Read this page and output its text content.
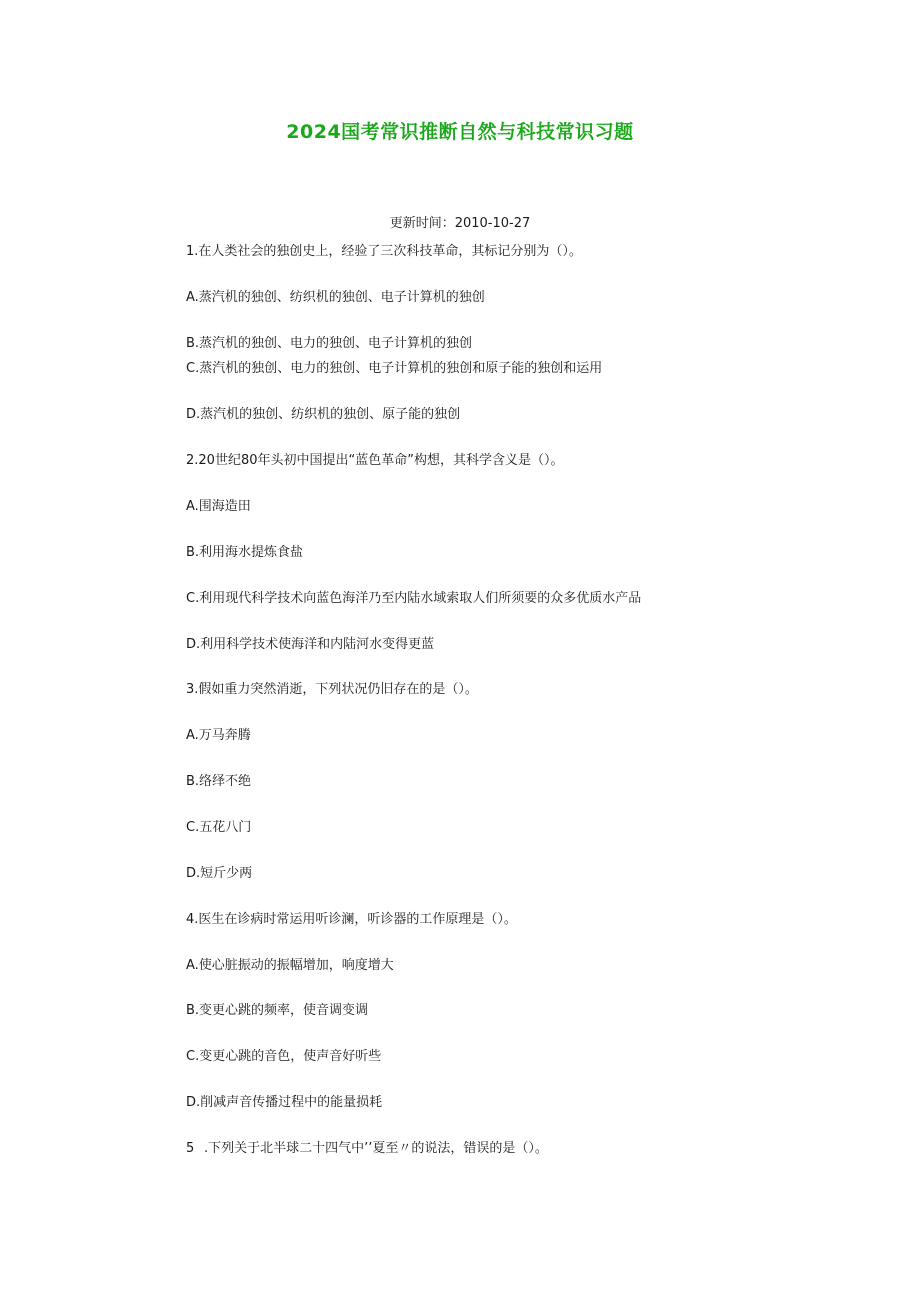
2024国考常识推断自然与科技常识习题
更新时间：2010-10-27
1.在人类社会的独创史上，经验了三次科技革命，其标记分别为（）。
A.蒸汽机的独创、纺织机的独创、电子计算机的独创
B.蒸汽机的独创、电力的独创、电子计算机的独创
C.蒸汽机的独创、电力的独创、电子计算机的独创和原子能的独创和运用
D.蒸汽机的独创、纺织机的独创、原子能的独创
2.20世纪80年头初中国提出“蓝色革命”构想，其科学含义是（）。
A.围海造田
B.利用海水提炼食盐
C.利用现代科学技术向蓝色海洋乃至内陆水域索取人们所须要的众多优质水产品
D.利用科学技术使海洋和内陆河水变得更蓝
3.假如重力突然消逝，下列状况仍旧存在的是（）。
A.万马奔腾
B.络绎不绝
C.五花八门
D.短斤少两
4.医生在诊病时常运用听诊澜，听诊器的工作原理是（）。
A.使心脏振动的振幅增加，响度增大
B.变更心跳的频率，使音调变调
C.变更心跳的音色，使声音好听些
D.削减声音传播过程中的能量损耗
5 .下列关于北半球二十四气中’’夏至〃的说法，错误的是（）。
